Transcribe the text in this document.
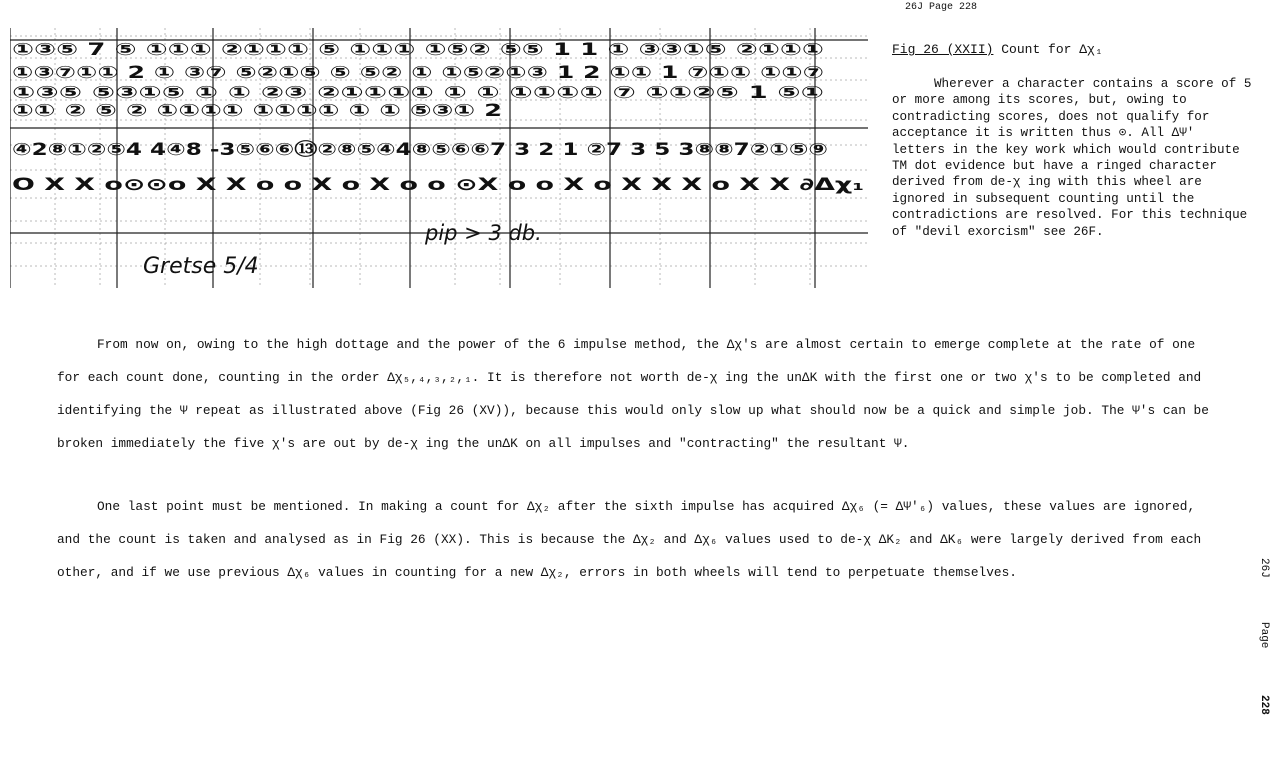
26J Page 228
①③⑤ 7 ⑤ ①①① ②①①① ⑤ ①①① ①⑤② ⑤⑤ 1 1 ① ③③①⑤ ②①①①
①③⑦①① 2 ① ③⑦ ⑤②①⑤ ⑤ ⑤② ① ①⑤②①③ 1 2 ①① 1 ⑦①① ①①⑦
①③⑤ ⑤③①⑤ ① ① ②③ ②①①①① ① ① ①①①① ⑦ ①①②⑤ 1 ⑤①
①① ② ⑤ ② ①①①① ①①①① ① ① ⑤③① 2
④2⑧①②⑤4 4④8 -3⑤⑥⑥⑬②⑧⑤④4⑧⑤⑥⑥7 3 2 1 ②7 3 5 3⑧⑧7②①⑤⑨
O X X o⊙⊙o X X o o X o X o o ⊙X o o X o X X X o X X ∂Δχ₁
pip > 3 db.
Gretse 5/4
Fig 26 (XXII) Count for Δχ₁
Wherever a character contains a score of 5 or more among its scores, but, owing to contradicting scores, does not qualify for acceptance it is written thus ⊙. All ΔΨ' letters in the key work which would contribute TM dot evidence but have a ringed character derived from de-χ ing with this wheel are ignored in subsequent counting until the contradictions are resolved. For this technique of "devil exorcism" see 26F.
From now on, owing to the high dottage and the power of the 6 impulse method, the Δχ's are almost certain to emerge complete at the rate of one for each count done, counting in the order Δχ₅,₄,₃,₂,₁. It is therefore not worth de-χ ing the unΔK with the first one or two χ's to be completed and identifying the Ψ repeat as illustrated above (Fig 26 (XV)), because this would only slow up what should now be a quick and simple job. The Ψ's can be broken immediately the five χ's are out by de-χ ing the unΔK on all impulses and "contracting" the resultant Ψ.
One last point must be mentioned. In making a count for Δχ₂ after the sixth impulse has acquired Δχ₆ (= ΔΨ'₆) values, these values are ignored, and the count is taken and analysed as in Fig 26 (XX). This is because the Δχ₂ and Δχ₆ values used to de-χ ΔK₂ and ΔK₆ were largely derived from each other, and if we use previous Δχ₆ values in counting for a new Δχ₂, errors in both wheels will tend to perpetuate themselves.	26J
Page
228
